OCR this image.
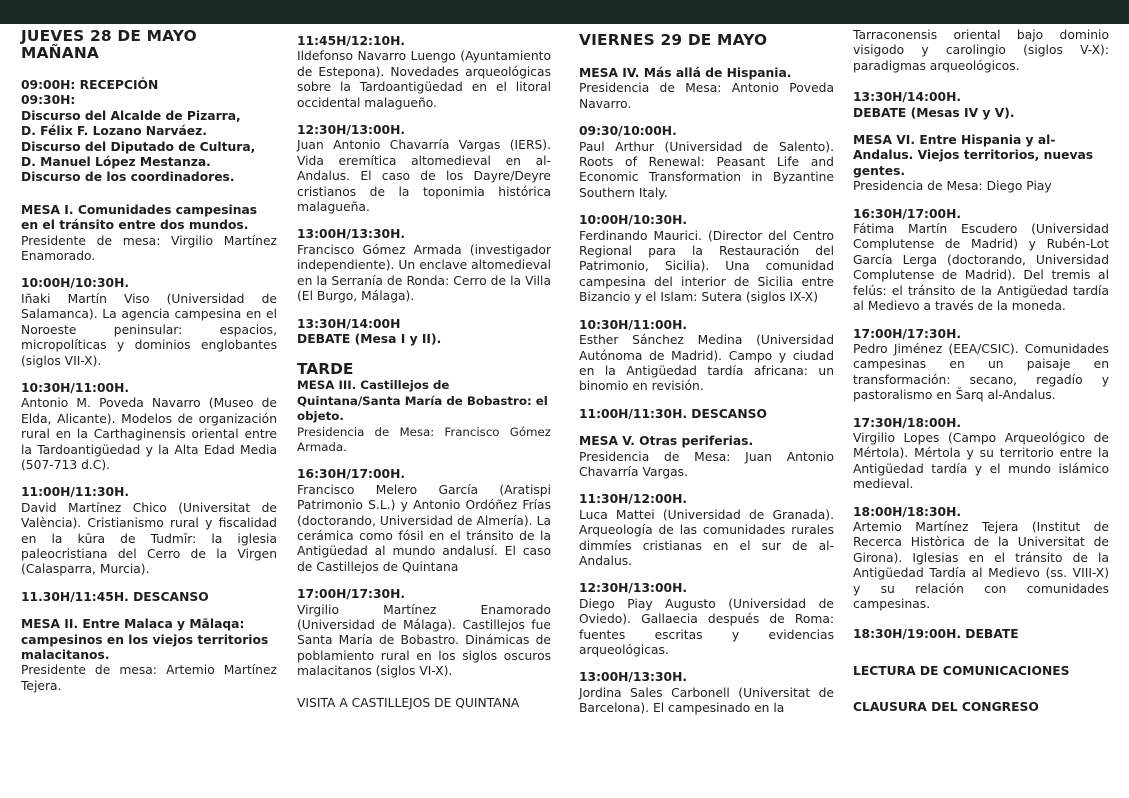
JUEVES 28 DE MAYO
MAÑANA
09:00H: RECEPCIÓN
09:30H:
Discurso del Alcalde de Pizarra,
D. Félix F. Lozano Narváez.
Discurso del Diputado de Cultura,
D. Manuel López Mestanza.
Discurso de los coordinadores.
MESA I. Comunidades campesinas en el tránsito entre dos mundos.
Presidente de mesa: Virgilio Martínez Enamorado.
10:00H/10:30H.
Iñaki Martín Viso (Universidad de Salamanca). La agencia campesina en el Noroeste peninsular: espacios, micropolíticas y dominios englobantes (siglos VII-X).
10:30H/11:00H.
Antonio M. Poveda Navarro (Museo de Elda, Alicante). Modelos de organización rural en la Carthaginensis oriental entre la Tardoantigüedad y la Alta Edad Media (507-713 d.C).
11:00H/11:30H.
David Martínez Chico (Universitat de València). Cristianismo rural y fiscalidad en la kūra de Tudmīr: la iglesia paleocristiana del Cerro de la Virgen (Calasparra, Murcia).
11.30H/11:45H. DESCANSO
MESA II. Entre Malaca y Mālaqa: campesinos en los viejos territorios malacitanos.
Presidente de mesa: Artemio Martínez Tejera.
11:45H/12:10H.
Ildefonso Navarro Luengo (Ayuntamiento de Estepona). Novedades arqueológicas sobre la Tardoantigüedad en el litoral occidental malagueño.
12:30H/13:00H.
Juan Antonio Chavarría Vargas (IERS). Vida eremítica altomedieval en al-Andalus. El caso de los Dayre/Deyre cristianos de la toponimia histórica malagueña.
13:00H/13:30H.
Francisco Gómez Armada (investigador independiente). Un enclave altomedieval en la Serranía de Ronda: Cerro de la Villa (El Burgo, Málaga).
13:30H/14:00H
DEBATE (Mesa I y II).
TARDE
MESA III. Castillejos de Quintana/Santa María de Bobastro: el objeto.
Presidencia de Mesa: Francisco Gómez Armada.
16:30H/17:00H.
Francisco Melero García (Aratispi Patrimonio S.L.) y Antonio Ordóñez Frías (doctorando, Universidad de Almería). La cerámica como fósil en el tránsito de la Antigüedad al mundo andalusí. El caso de Castillejos de Quintana
17:00H/17:30H.
Virgilio Martínez Enamorado (Universidad de Málaga). Castillejos fue Santa María de Bobastro. Dinámicas de poblamiento rural en los siglos oscuros malacitanos (siglos VI-X).
VISITA A CASTILLEJOS DE QUINTANA
VIERNES 29 DE MAYO
MESA IV. Más allá de Hispania.
Presidencia de Mesa: Antonio Poveda Navarro.
09:30/10:00H.
Paul Arthur (Universidad de Salento). Roots of Renewal: Peasant Life and Economic Transformation in Byzantine Southern Italy.
10:00H/10:30H.
Ferdinando Maurici. (Director del Centro Regional para la Restauración del Patrimonio, Sicilia). Una comunidad campesina del interior de Sicilia entre Bizancio y el Islam: Sutera (siglos IX-X)
10:30H/11:00H.
Esther Sánchez Medina (Universidad Autónoma de Madrid). Campo y ciudad en la Antigüedad tardía africana: un binomio en revisión.
11:00H/11:30H. DESCANSO
MESA V. Otras periferias.
Presidencia de Mesa: Juan Antonio Chavarría Vargas.
11:30H/12:00H.
Luca Mattei (Universidad de Granada). Arqueología de las comunidades rurales dimmíes cristianas en el sur de al-Andalus.
12:30H/13:00H.
Diego Piay Augusto (Universidad de Oviedo). Gallaecia después de Roma: fuentes escritas y evidencias arqueológicas.
13:00H/13:30H.
Jordina Sales Carbonell (Universitat de Barcelona). El campesinado en la
Tarraconensis oriental bajo dominio visigodo y carolingio (siglos V-X): paradigmas arqueológicos.
13:30H/14:00H.
DEBATE (Mesas IV y V).
MESA VI. Entre Hispania y al-Andalus. Viejos territorios, nuevas gentes.
Presidencia de Mesa: Diego Piay
16:30H/17:00H.
Fátima Martín Escudero (Universidad Complutense de Madrid) y Rubén-Lot García Lerga (doctorando, Universidad Complutense de Madrid). Del tremis al felús: el tránsito de la Antigüedad tardía al Medievo a través de la moneda.
17:00H/17:30H.
Pedro Jiménez (EEA/CSIC). Comunidades campesinas en un paisaje en transformación: secano, regadío y pastoralismo en Šarq al-Andalus.
17:30H/18:00H.
Virgilio Lopes (Campo Arqueológico de Mértola). Mértola y su territorio entre la Antigüedad tardía y el mundo islámico medieval.
18:00H/18:30H.
Artemio Martínez Tejera (Institut de Recerca Històrica de la Universitat de Girona). Iglesias en el tránsito de la Antigüedad Tardía al Medievo (ss. VIII-X) y su relación con comunidades campesinas.
18:30H/19:00H. DEBATE
LECTURA DE COMUNICACIONES
CLAUSURA DEL CONGRESO
